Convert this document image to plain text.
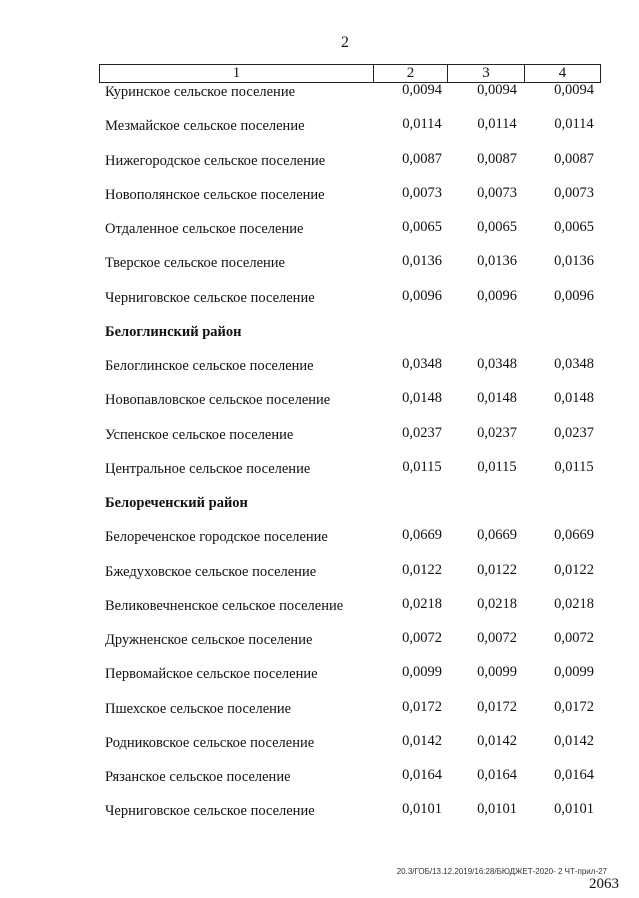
2
1	2	3	4
Куринское сельское поселение	0,0094	0,0094	0,0094
Мезмайское сельское поселение	0,0114	0,0114	0,0114
Нижегородское сельское поселение	0,0087	0,0087	0,0087
Новополянское сельское поселение	0,0073	0,0073	0,0073
Отдаленное сельское поселение	0,0065	0,0065	0,0065
Тверское сельское поселение	0,0136	0,0136	0,0136
Черниговское сельское поселение	0,0096	0,0096	0,0096
Белоглинский район
Белоглинское сельское поселение	0,0348	0,0348	0,0348
Новопавловское сельское поселение	0,0148	0,0148	0,0148
Успенское сельское поселение	0,0237	0,0237	0,0237
Центральное сельское поселение	0,0115	0,0115	0,0115
Белореченский район
Белореченское городское поселение	0,0669	0,0669	0,0669
Бжедуховское сельское поселение	0,0122	0,0122	0,0122
Великовечненское сельское поселение	0,0218	0,0218	0,0218
Дружненское сельское поселение	0,0072	0,0072	0,0072
Первомайское сельское поселение	0,0099	0,0099	0,0099
Пшехское сельское поселение	0,0172	0,0172	0,0172
Родниковское сельское поселение	0,0142	0,0142	0,0142
Рязанское сельское поселение	0,0164	0,0164	0,0164
Черниговское сельское поселение	0,0101	0,0101	0,0101
20.3/ГОБ/13.12.2019/16:28/БЮДЖЕТ-2020- 2 ЧТ-прил-27
2063
